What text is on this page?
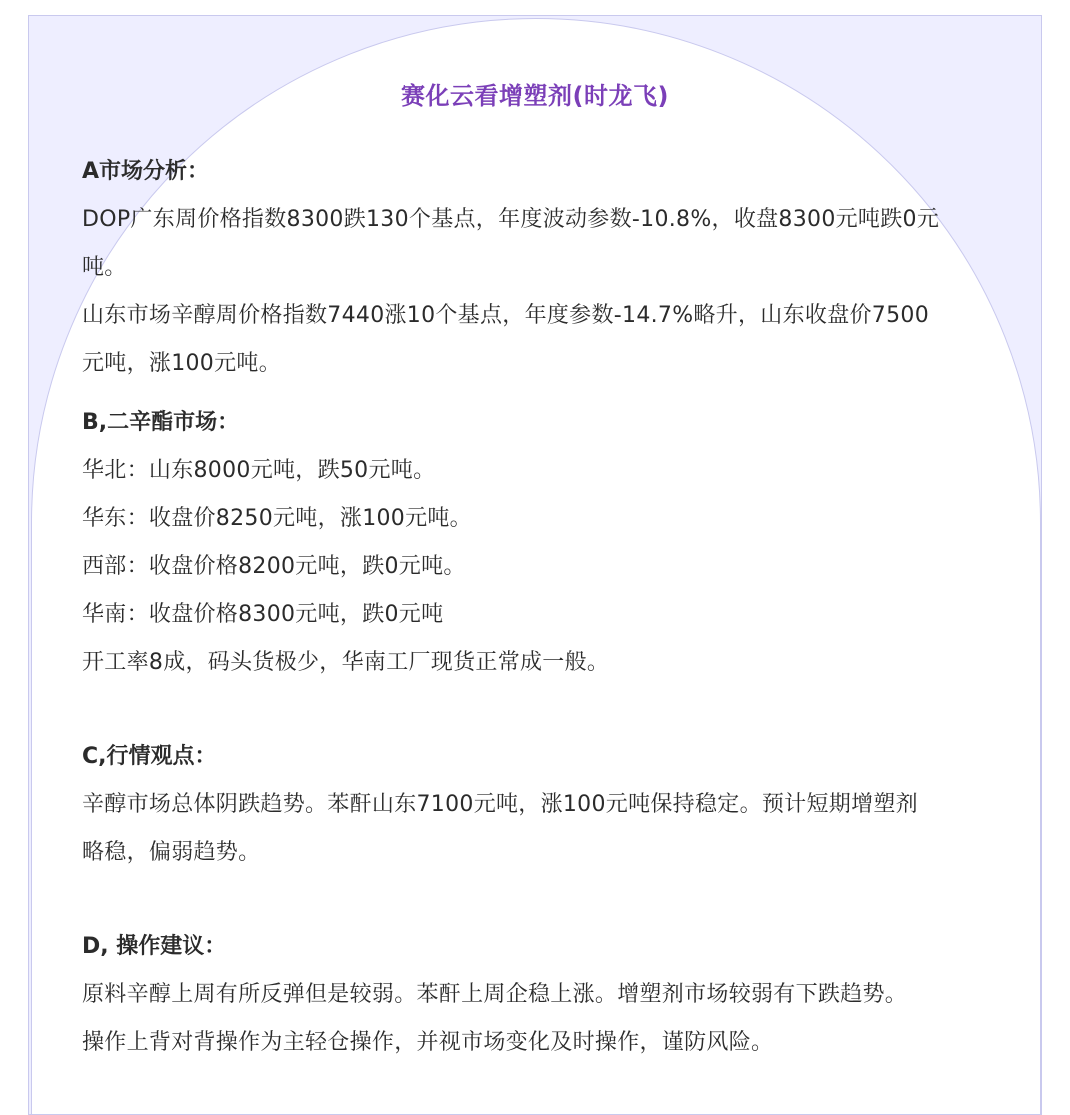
赛化云看增塑剂(时龙飞)
A市场分析：
DOP广东周价格指数8300跌130个基点，年度波动参数-10.8%，收盘8300元吨跌0元
吨。
山东市场辛醇周价格指数7440涨10个基点，年度参数-14.7%略升，山东收盘价7500
元吨，涨100元吨。
B,二辛酯市场：
华北：山东8000元吨，跌50元吨。
华东：收盘价8250元吨，涨100元吨。
西部：收盘价格8200元吨，跌0元吨。
华南：收盘价格8300元吨，跌0元吨
开工率8成，码头货极少，华南工厂现货正常成一般。
C,行情观点：
辛醇市场总体阴跌趋势。苯酐山东7100元吨，涨100元吨保持稳定。预计短期增塑剂
略稳，偏弱趋势。
D, 操作建议：
原料辛醇上周有所反弹但是较弱。苯酐上周企稳上涨。增塑剂市场较弱有下跌趋势。
操作上背对背操作为主轻仓操作，并视市场变化及时操作，谨防风险。
